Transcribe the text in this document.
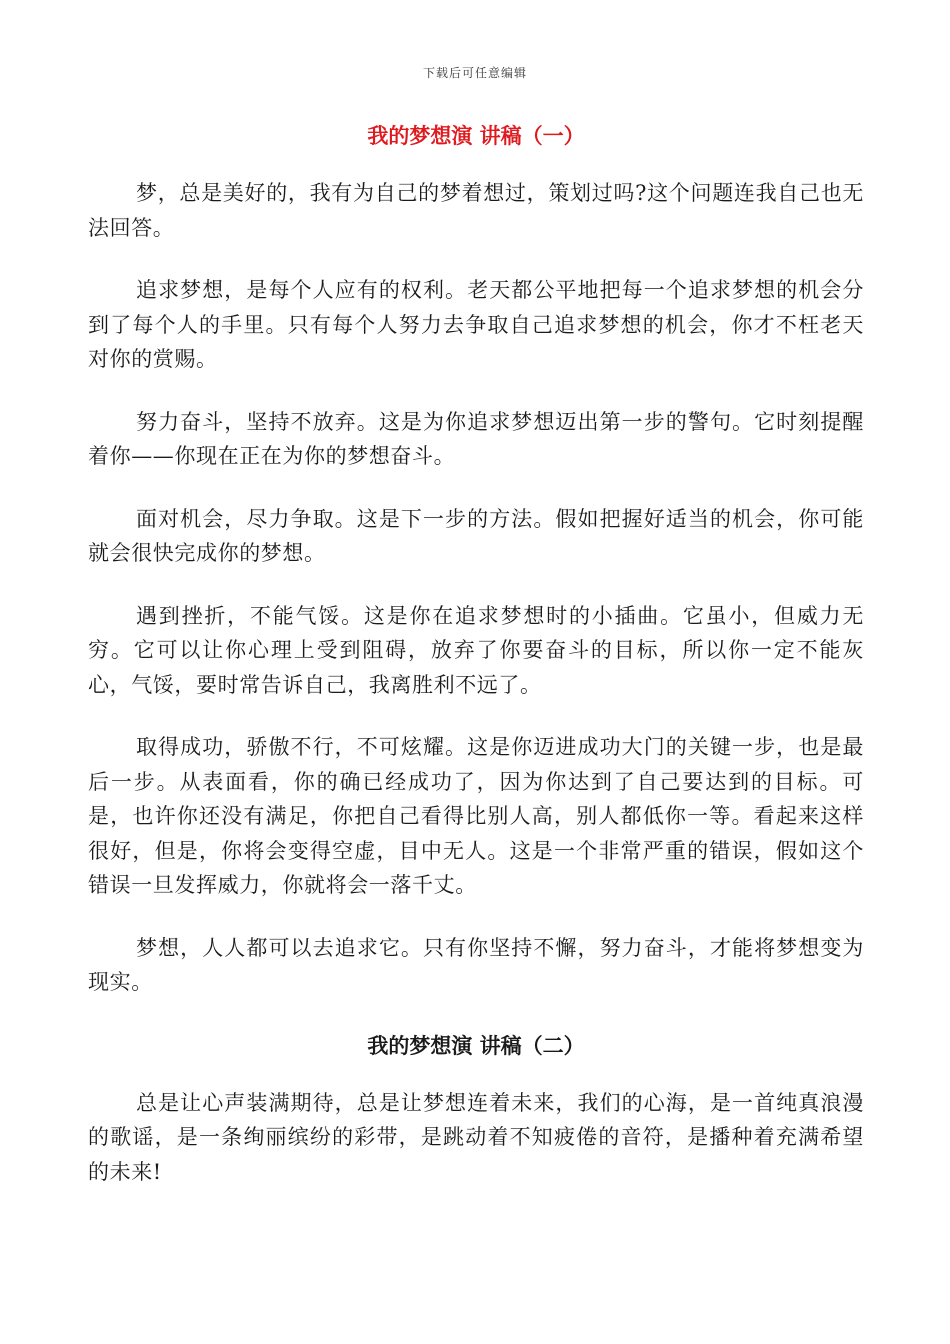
下载后可任意编辑
我的梦想演 讲稿（一）

梦，总是美好的，我有为自己的梦着想过，策划过吗?这个问题连我自己也无法回答。

追求梦想，是每个人应有的权利。老天都公平地把每一个追求梦想的机会分到了每个人的手里。只有每个人努力去争取自己追求梦想的机会，你才不枉老天对你的赏赐。

努力奋斗，坚持不放弃。这是为你追求梦想迈出第一步的警句。它时刻提醒着你——你现在正在为你的梦想奋斗。

面对机会，尽力争取。这是下一步的方法。假如把握好适当的机会，你可能就会很快完成你的梦想。

遇到挫折，不能气馁。这是你在追求梦想时的小插曲。它虽小，但威力无穷。它可以让你心理上受到阻碍，放弃了你要奋斗的目标，所以你一定不能灰心，气馁，要时常告诉自己，我离胜利不远了。

取得成功，骄傲不行，不可炫耀。这是你迈进成功大门的关键一步，也是最后一步。从表面看，你的确已经成功了，因为你达到了自己要达到的目标。可是，也许你还没有满足，你把自己看得比别人高，别人都低你一等。看起来这样很好，但是，你将会变得空虚，目中无人。这是一个非常严重的错误，假如这个错误一旦发挥威力，你就将会一落千丈。

梦想，人人都可以去追求它。只有你坚持不懈，努力奋斗，才能将梦想变为现实。

我的梦想演 讲稿（二）

总是让心声装满期待，总是让梦想连着未来，我们的心海，是一首纯真浪漫的歌谣，是一条绚丽缤纷的彩带，是跳动着不知疲倦的音符，是播种着充满希望的未来!
